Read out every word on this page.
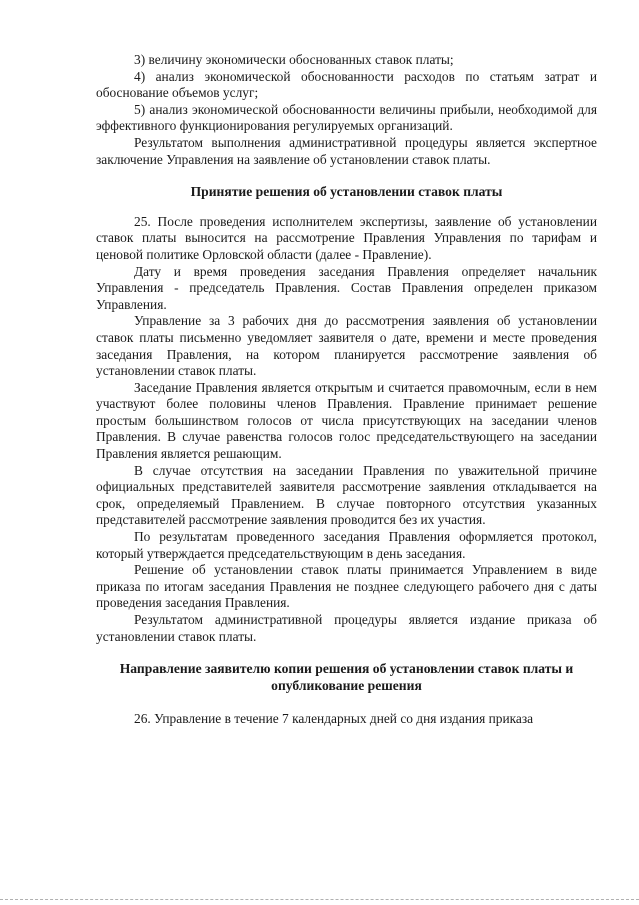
3) величину экономически обоснованных ставок платы;

4) анализ экономической обоснованности расходов по статьям затрат и обоснование объемов услуг;

5) анализ экономической обоснованности величины прибыли, необходимой для эффективного функционирования регулируемых организаций.

Результатом выполнения административной процедуры является экспертное заключение Управления на заявление об установлении ставок платы.

Принятие решения об установлении ставок платы

25. После проведения исполнителем экспертизы, заявление об установлении ставок платы выносится на рассмотрение Правления Управления по тарифам и ценовой политике Орловской области (далее - Правление).

Дату и время проведения заседания Правления определяет начальник Управления - председатель Правления. Состав Правления определен приказом Управления.

Управление за 3 рабочих дня до рассмотрения заявления об установлении ставок платы письменно уведомляет заявителя о дате, времени и месте проведения заседания Правления, на котором планируется рассмотрение заявления об установлении ставок платы.

Заседание Правления является открытым и считается правомочным, если в нем участвуют более половины членов Правления. Правление принимает решение простым большинством голосов от числа присутствующих на заседании членов Правления. В случае равенства голосов голос председательствующего на заседании Правления является решающим.

В случае отсутствия на заседании Правления по уважительной причине официальных представителей заявителя рассмотрение заявления откладывается на срок, определяемый Правлением. В случае повторного отсутствия указанных представителей рассмотрение заявления проводится без их участия.

По результатам проведенного заседания Правления оформляется протокол, который утверждается председательствующим в день заседания.

Решение об установлении ставок платы принимается Управлением в виде приказа по итогам заседания Правления не позднее следующего рабочего дня с даты проведения заседания Правления.

Результатом административной процедуры является издание приказа об установлении ставок платы.

Направление заявителю копии решения об установлении ставок платы и опубликование решения

26. Управление в течение 7 календарных дней со дня издания приказа
